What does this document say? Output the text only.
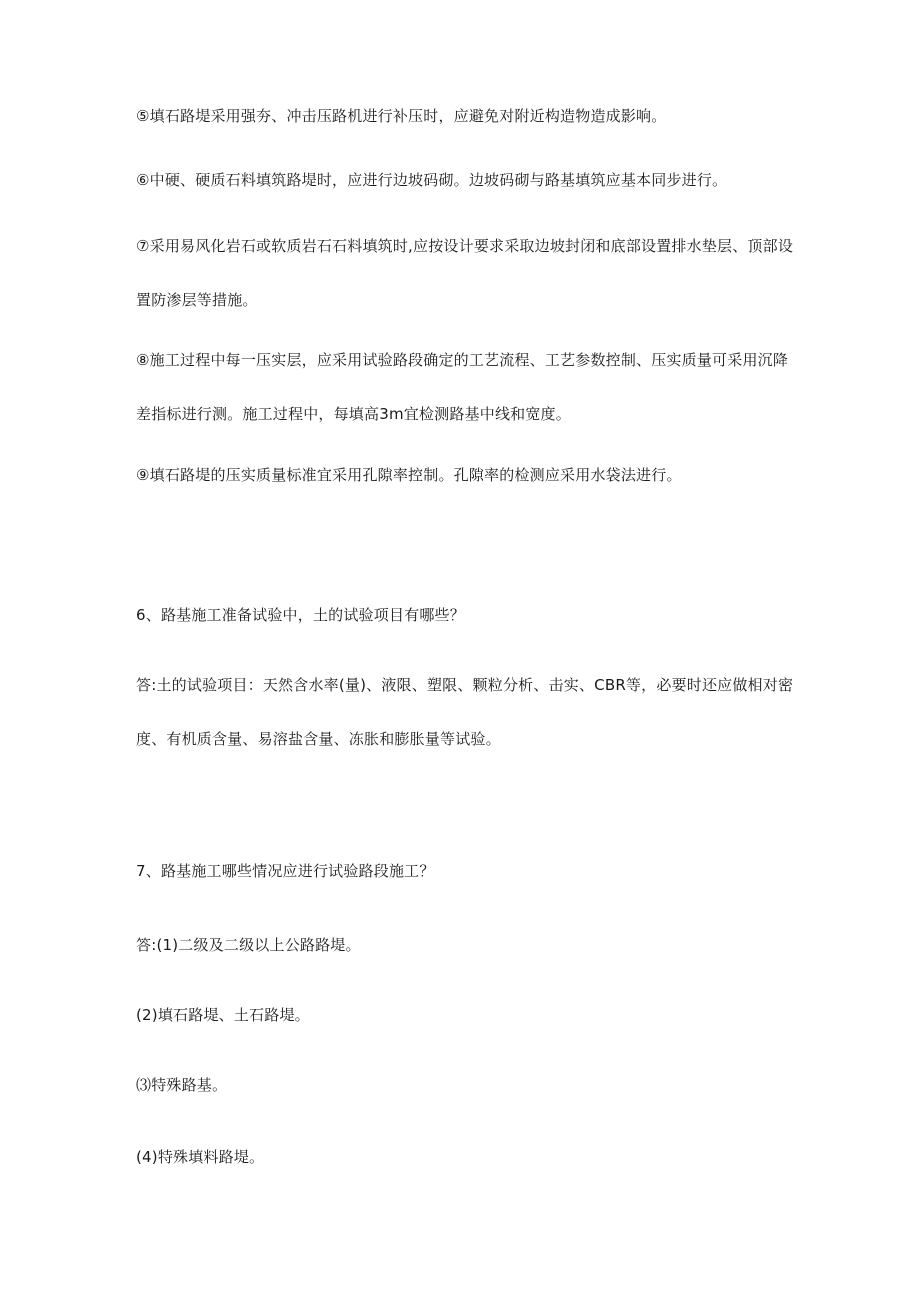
⑤填石路堤采用强夯、冲击压路机进行补压时，应避免对附近构造物造成影响。

⑥中硬、硬质石料填筑路堤时，应进行边坡码砌。边坡码砌与路基填筑应基本同步进行。

⑦采用易风化岩石或软质岩石石料填筑时,应按设计要求采取边坡封闭和底部设置排水垫层、顶部设置防渗层等措施。

⑧施工过程中每一压实层，应采用试验路段确定的工艺流程、工艺参数控制、压实质量可采用沉降差指标进行测。施工过程中，每填高3m宜检测路基中线和宽度。

⑨填石路堤的压实质量标准宜采用孔隙率控制。孔隙率的检测应采用水袋法进行。

6、路基施工准备试验中，土的试验项目有哪些？

答:土的试验项目：天然含水率(量)、液限、塑限、颗粒分析、击实、CBR等，必要时还应做相对密度、有机质含量、易溶盐含量、冻胀和膨胀量等试验。

7、路基施工哪些情况应进行试验路段施工？

答:(1)二级及二级以上公路路堤。

(2)填石路堤、土石路堤。

⑶特殊路基。

(4)特殊填料路堤。
